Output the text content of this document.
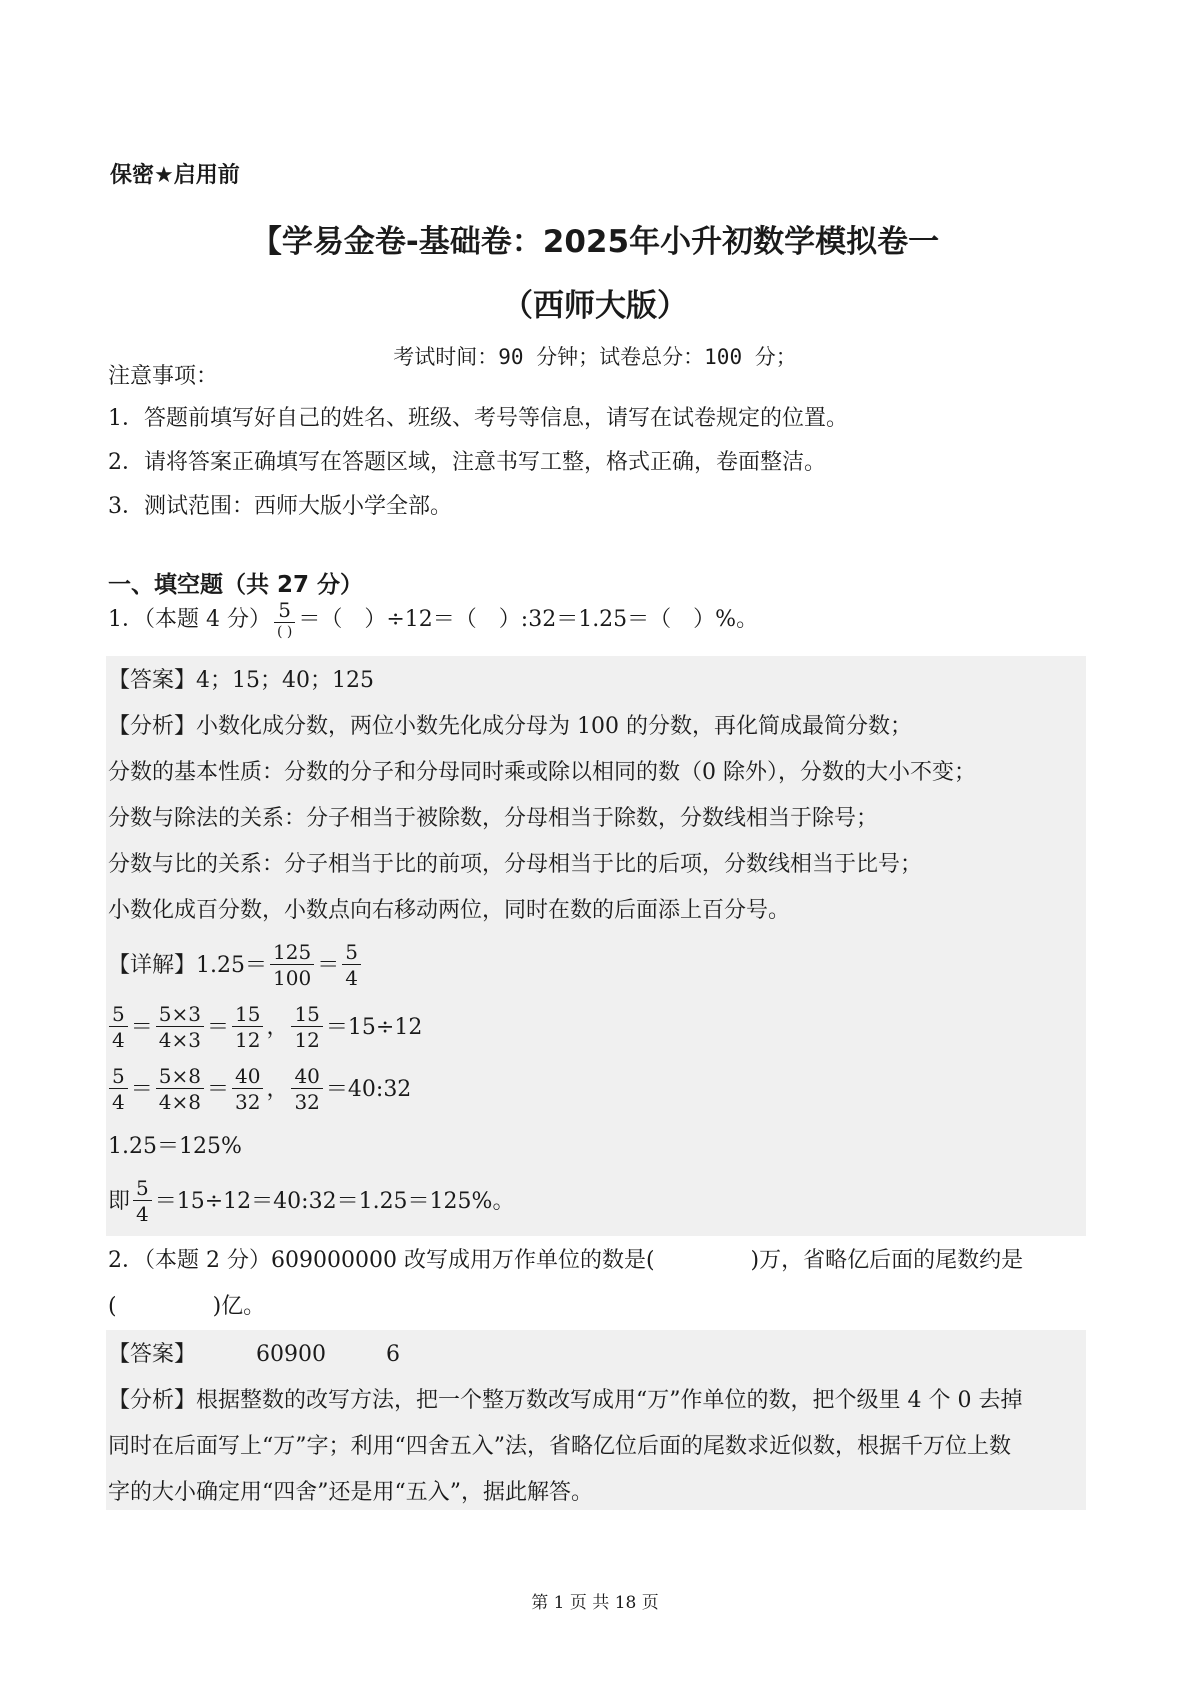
保密★启用前
【学易金卷-基础卷：2025年小升初数学模拟卷一
（西师大版）
考试时间：90 分钟；试卷总分：100 分；
注意事项：
1．答题前填写好自己的姓名、班级、考号等信息，请写在试卷规定的位置。
2．请将答案正确填写在答题区域，注意书写工整，格式正确，卷面整洁。
3．测试范围：西师大版小学全部。
一、填空题（共 27 分）
1．（本题 4 分） $\frac{5}{( )}$ ＝（　）÷12＝（　）:32＝1.25＝（　）%。
【答案】4；15；40；125
【分析】小数化成分数，两位小数先化成分母为 100 的分数，再化简成最简分数；
分数的基本性质：分数的分子和分母同时乘或除以相同的数（0 除外），分数的大小不变；
分数与除法的关系：分子相当于被除数，分母相当于除数，分数线相当于除号；
分数与比的关系：分子相当于比的前项，分母相当于比的后项，分数线相当于比号；
小数化成百分数，小数点向右移动两位，同时在数的后面添上百分号。
【详解】$1.25= \frac{125}{100} = \frac{5}{4}$
$\frac{5}{4} = \frac{5\times 3}{4\times 3} = \frac{15}{12}$ ， $\frac{15}{12} =15\div 12$
$\frac{5}{4} = \frac{5\times 8}{4\times 8} = \frac{40}{32}$ ， $\frac{40}{32}$ ＝40:32
1.25＝125%
即 $\frac{5}{4}$ ＝15÷12＝40:32＝1.25＝125%。
2．（本题 2 分）609000000 改写成用万作单位的数是(	)万，省略亿后面的尾数约是
(	)亿。
【答案】	60900	6
【分析】根据整数的改写方法，把一个整万数改写成用“万”作单位的数，把个级里 4 个 0 去掉
同时在后面写上“万”字；利用“四舍五入”法，省略亿位后面的尾数求近似数，根据千万位上数
字的大小确定用“四舍”还是用“五入”，据此解答。
第 1 页 共 18 页
